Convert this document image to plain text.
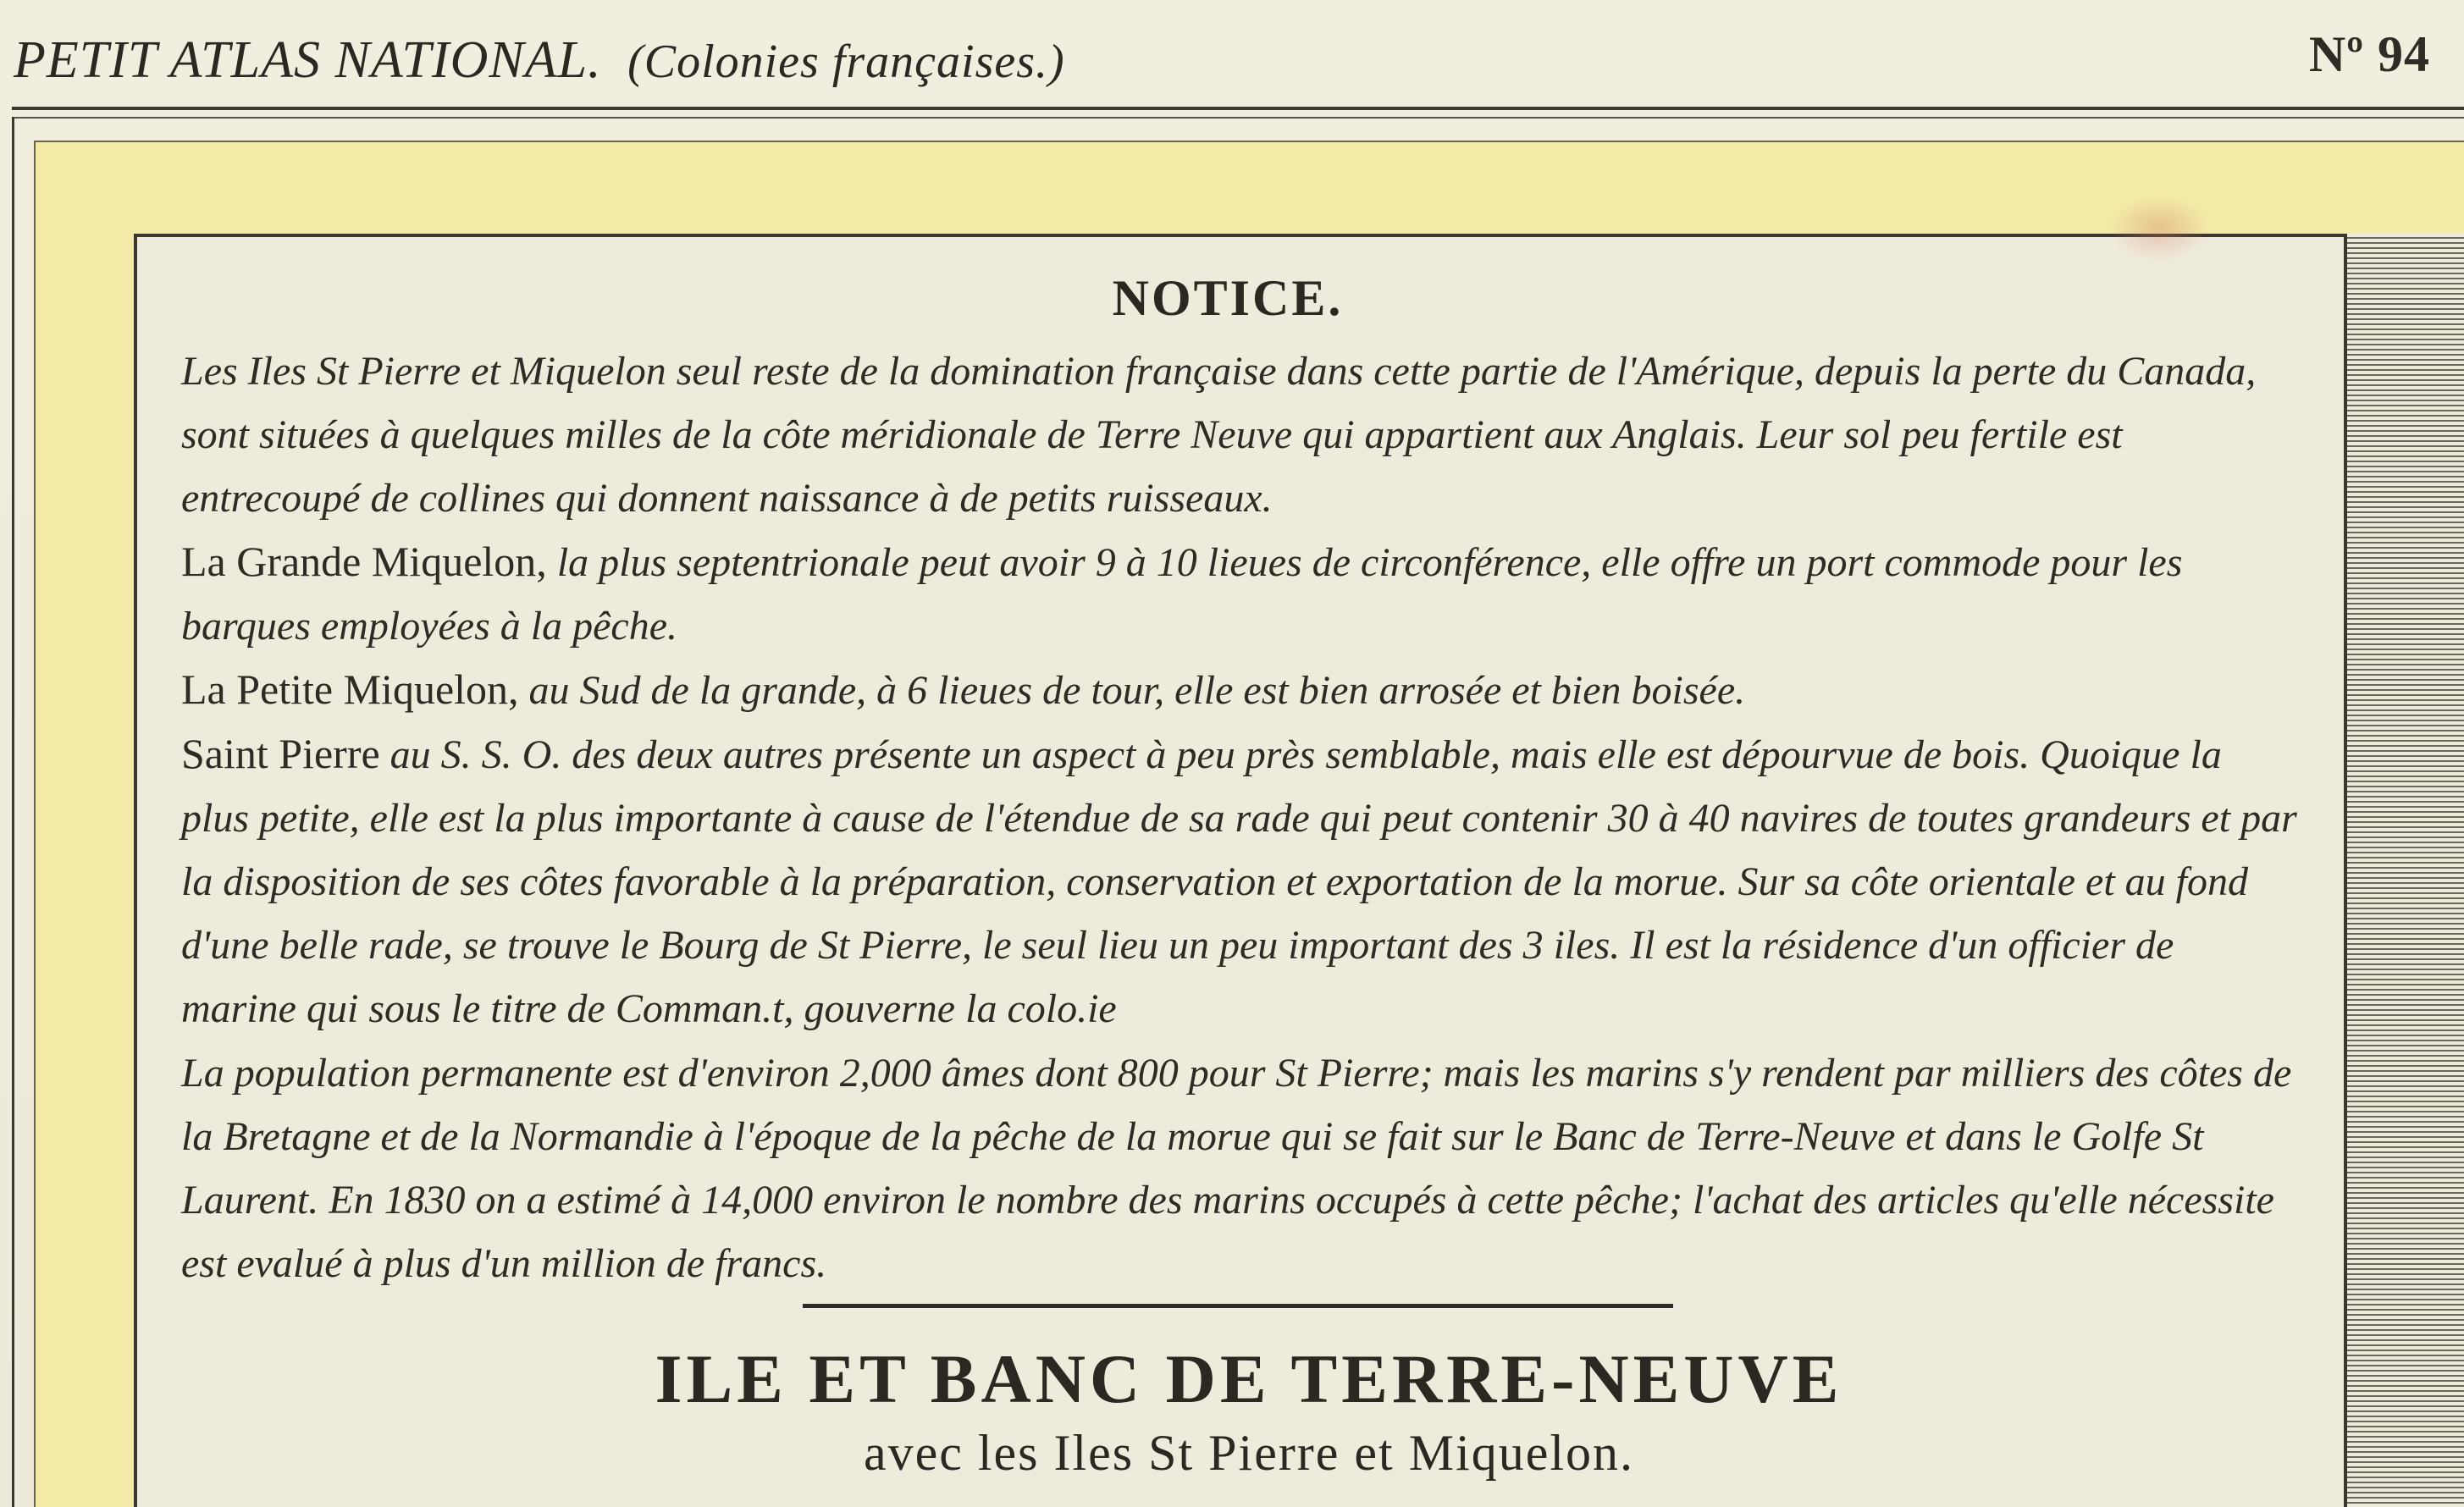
PETIT ATLAS NATIONAL. (Colonies françaises.)	Nº 94
NOTICE.

Les Iles St Pierre et Miquelon seul reste de la domination française dans cette partie de l'Amérique, depuis la perte du Canada, sont situées à quelques milles de la côte méridionale de Terre Neuve qui appartient aux Anglais. Leur sol peu fertile est entrecoupé de collines qui donnent naissance à de petits ruisseaux.

La Grande Miquelon, la plus septentrionale peut avoir 9 à 10 lieues de circonférence, elle offre un port commode pour les barques employées à la pêche.

La Petite Miquelon, au Sud de la grande, à 6 lieues de tour, elle est bien arrosée et bien boisée.

Saint Pierre au S. S. O. des deux autres présente un aspect à peu près semblable, mais elle est dépourvue de bois. Quoique la plus petite, elle est la plus importante à cause de l'étendue de sa rade qui peut contenir 30 à 40 navires de toutes grandeurs et par la disposition de ses côtes favorable à la préparation, conservation et exportation de la morue. Sur sa côte orientale et au fond d'une belle rade, se trouve le Bourg de St Pierre, le seul lieu un peu important des 3 iles. Il est la résidence d'un officier de marine qui sous le titre de Comman.t, gouverne la colo.ie

La population permanente est d'environ 2,000 âmes dont 800 pour St Pierre; mais les marins s'y rendent par milliers des côtes de la Bretagne et de la Normandie à l'époque de la pêche de la morue qui se fait sur le Banc de Terre-Neuve et dans le Golfe St Laurent. En 1830 on a estimé à 14,000 environ le nombre des marins occupés à cette pêche; l'achat des articles qu'elle nécessite est evalué à plus d'un million de francs.

ILE ET BANC DE TERRE-NEUVE
avec les Iles St Pierre et Miquelon.
